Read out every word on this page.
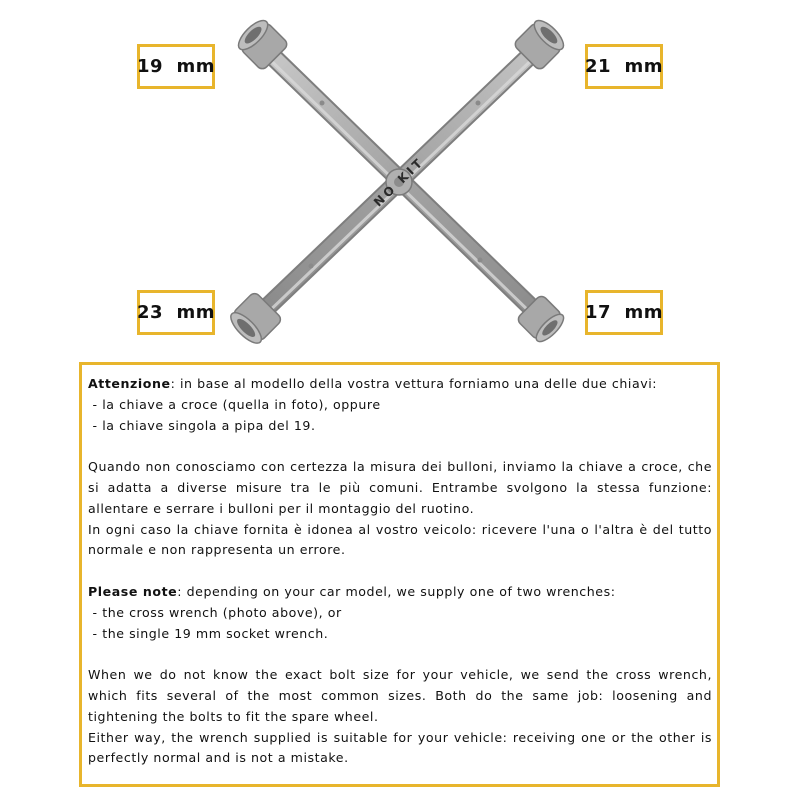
NO KIT
19  mm	21  mm
23  mm	17  mm

Attenzione: in base al modello della vostra vettura forniamo una delle due chiavi:

- la chiave a croce (quella in foto), oppure

- la chiave singola a pipa del 19.

Quando non conosciamo con certezza la misura dei bulloni, inviamo la chiave a croce, che si adatta a diverse misure tra le più comuni. Entrambe svolgono la stessa funzione: allentare e serrare i bulloni per il montaggio del ruotino.

In ogni caso la chiave fornita è idonea al vostro veicolo: ricevere l'una o l'altra è del tutto normale e non rappresenta un errore.

Please note: depending on your car model, we supply one of two wrenches:

- the cross wrench (photo above), or

- the single 19 mm socket wrench.

When we do not know the exact bolt size for your vehicle, we send the cross wrench, which fits several of the most common sizes. Both do the same job: loosening and tightening the bolts to fit the spare wheel.

Either way, the wrench supplied is suitable for your vehicle: receiving one or the other is perfectly normal and is not a mistake.
